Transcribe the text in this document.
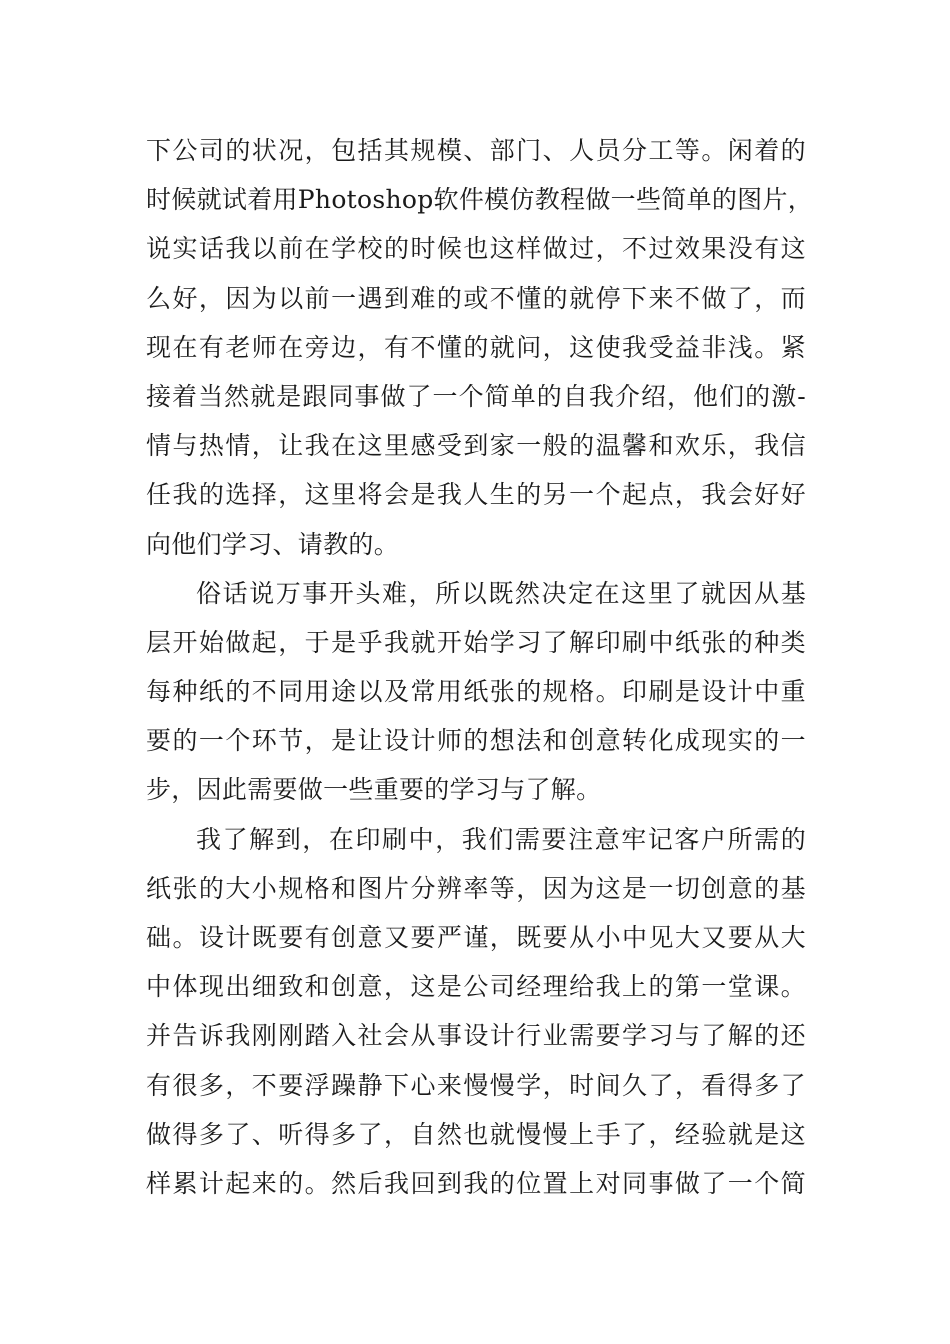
下公司的状况，包括其规模、部门、人员分工等。闲着的
时候就试着用Photoshop软件模仿教程做一些简单的图片，
说实话我以前在学校的时候也这样做过，不过效果没有这
么好，因为以前一遇到难的或不懂的就停下来不做了，而
现在有老师在旁边，有不懂的就问，这使我受益非浅。紧
接着当然就是跟同事做了一个简单的自我介绍，他们的激-
情与热情，让我在这里感受到家一般的温馨和欢乐，我信
任我的选择，这里将会是我人生的另一个起点，我会好好
向他们学习、请教的。
俗话说万事开头难，所以既然决定在这里了就因从基
层开始做起，于是乎我就开始学习了解印刷中纸张的种类
每种纸的不同用途以及常用纸张的规格。印刷是设计中重
要的一个环节，是让设计师的想法和创意转化成现实的一
步，因此需要做一些重要的学习与了解。
我了解到，在印刷中，我们需要注意牢记客户所需的
纸张的大小规格和图片分辨率等，因为这是一切创意的基
础。设计既要有创意又要严谨，既要从小中见大又要从大
中体现出细致和创意，这是公司经理给我上的第一堂课。
并告诉我刚刚踏入社会从事设计行业需要学习与了解的还
有很多，不要浮躁静下心来慢慢学，时间久了，看得多了
做得多了、听得多了，自然也就慢慢上手了，经验就是这
样累计起来的。然后我回到我的位置上对同事做了一个简
